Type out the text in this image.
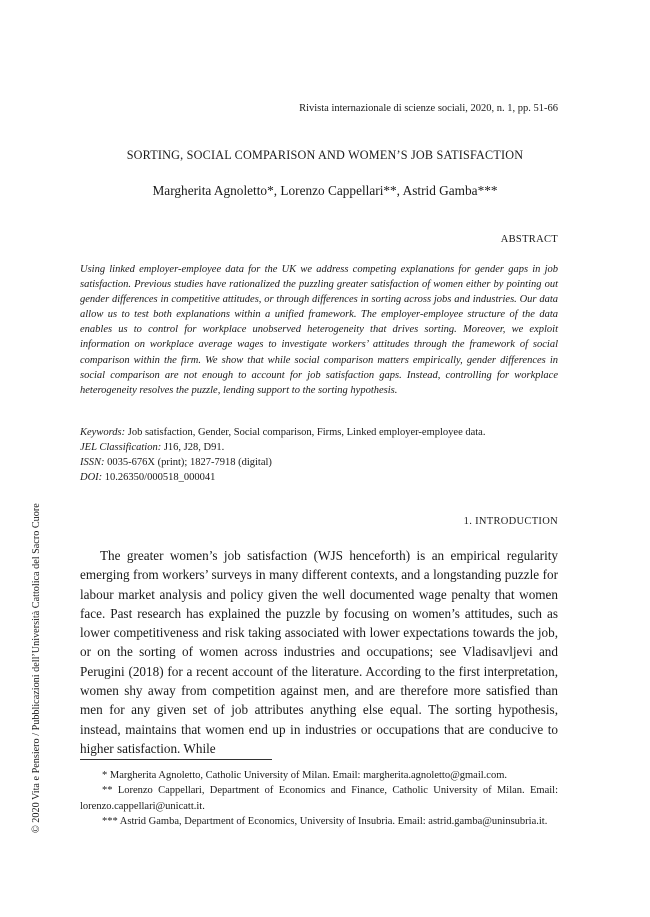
Rivista internazionale di scienze sociali, 2020, n. 1, pp. 51-66
SORTING, SOCIAL COMPARISON AND WOMEN’S JOB SATISFACTION
Margherita Agnoletto*, Lorenzo Cappellari**, Astrid Gamba***
ABSTRACT

Using linked employer-employee data for the UK we address competing explanations for gender gaps in job satisfaction. Previous studies have rationalized the puzzling greater satisfaction of women either by pointing out gender differences in competitive attitudes, or through differences in sorting across jobs and industries. Our data allow us to test both explanations within a unified framework. The employer-employee structure of the data enables us to control for workplace unobserved heterogeneity that drives sorting. Moreover, we exploit information on workplace average wages to investigate workers’ attitudes through the framework of social comparison within the firm. We show that while social comparison matters empirically, gender differences in social comparison are not enough to account for job satisfaction gaps. Instead, controlling for workplace heterogeneity resolves the puzzle, lending support to the sorting hypothesis.

Keywords: Job satisfaction, Gender, Social comparison, Firms, Linked employer-employee data.
JEL Classification: J16, J28, D91.
ISSN: 0035-676X (print); 1827-7918 (digital)
DOI: 10.26350/000518_000041
1. INTRODUCTION

The greater women’s job satisfaction (WJS henceforth) is an empirical regularity emerging from workers’ surveys in many different contexts, and a longstanding puzzle for labour market analysis and policy given the well documented wage penalty that women face. Past research has explained the puzzle by focusing on women’s attitudes, such as lower competitiveness and risk taking associated with lower expectations towards the job, or on the sorting of women across industries and occupations; see Vladisavljevi and Perugini (2018) for a recent account of the literature. According to the first interpretation, women shy away from competition against men, and are therefore more satisfied than men for any given set of job attributes anything else equal. The sorting hypothesis, instead, maintains that women end up in industries or occupations that are conducive to higher satisfaction. While

* Margherita Agnoletto, Catholic University of Milan. Email: margherita.agnoletto@gmail.com.

** Lorenzo Cappellari, Department of Economics and Finance, Catholic University of Milan. Email: lorenzo.cappellari@unicatt.it.

*** Astrid Gamba, Department of Economics, University of Insubria. Email: astrid.gamba@uninsubria.it.

© 2020 Vita e Pensiero / Pubblicazioni dell’Università Cattolica del Sacro Cuore
